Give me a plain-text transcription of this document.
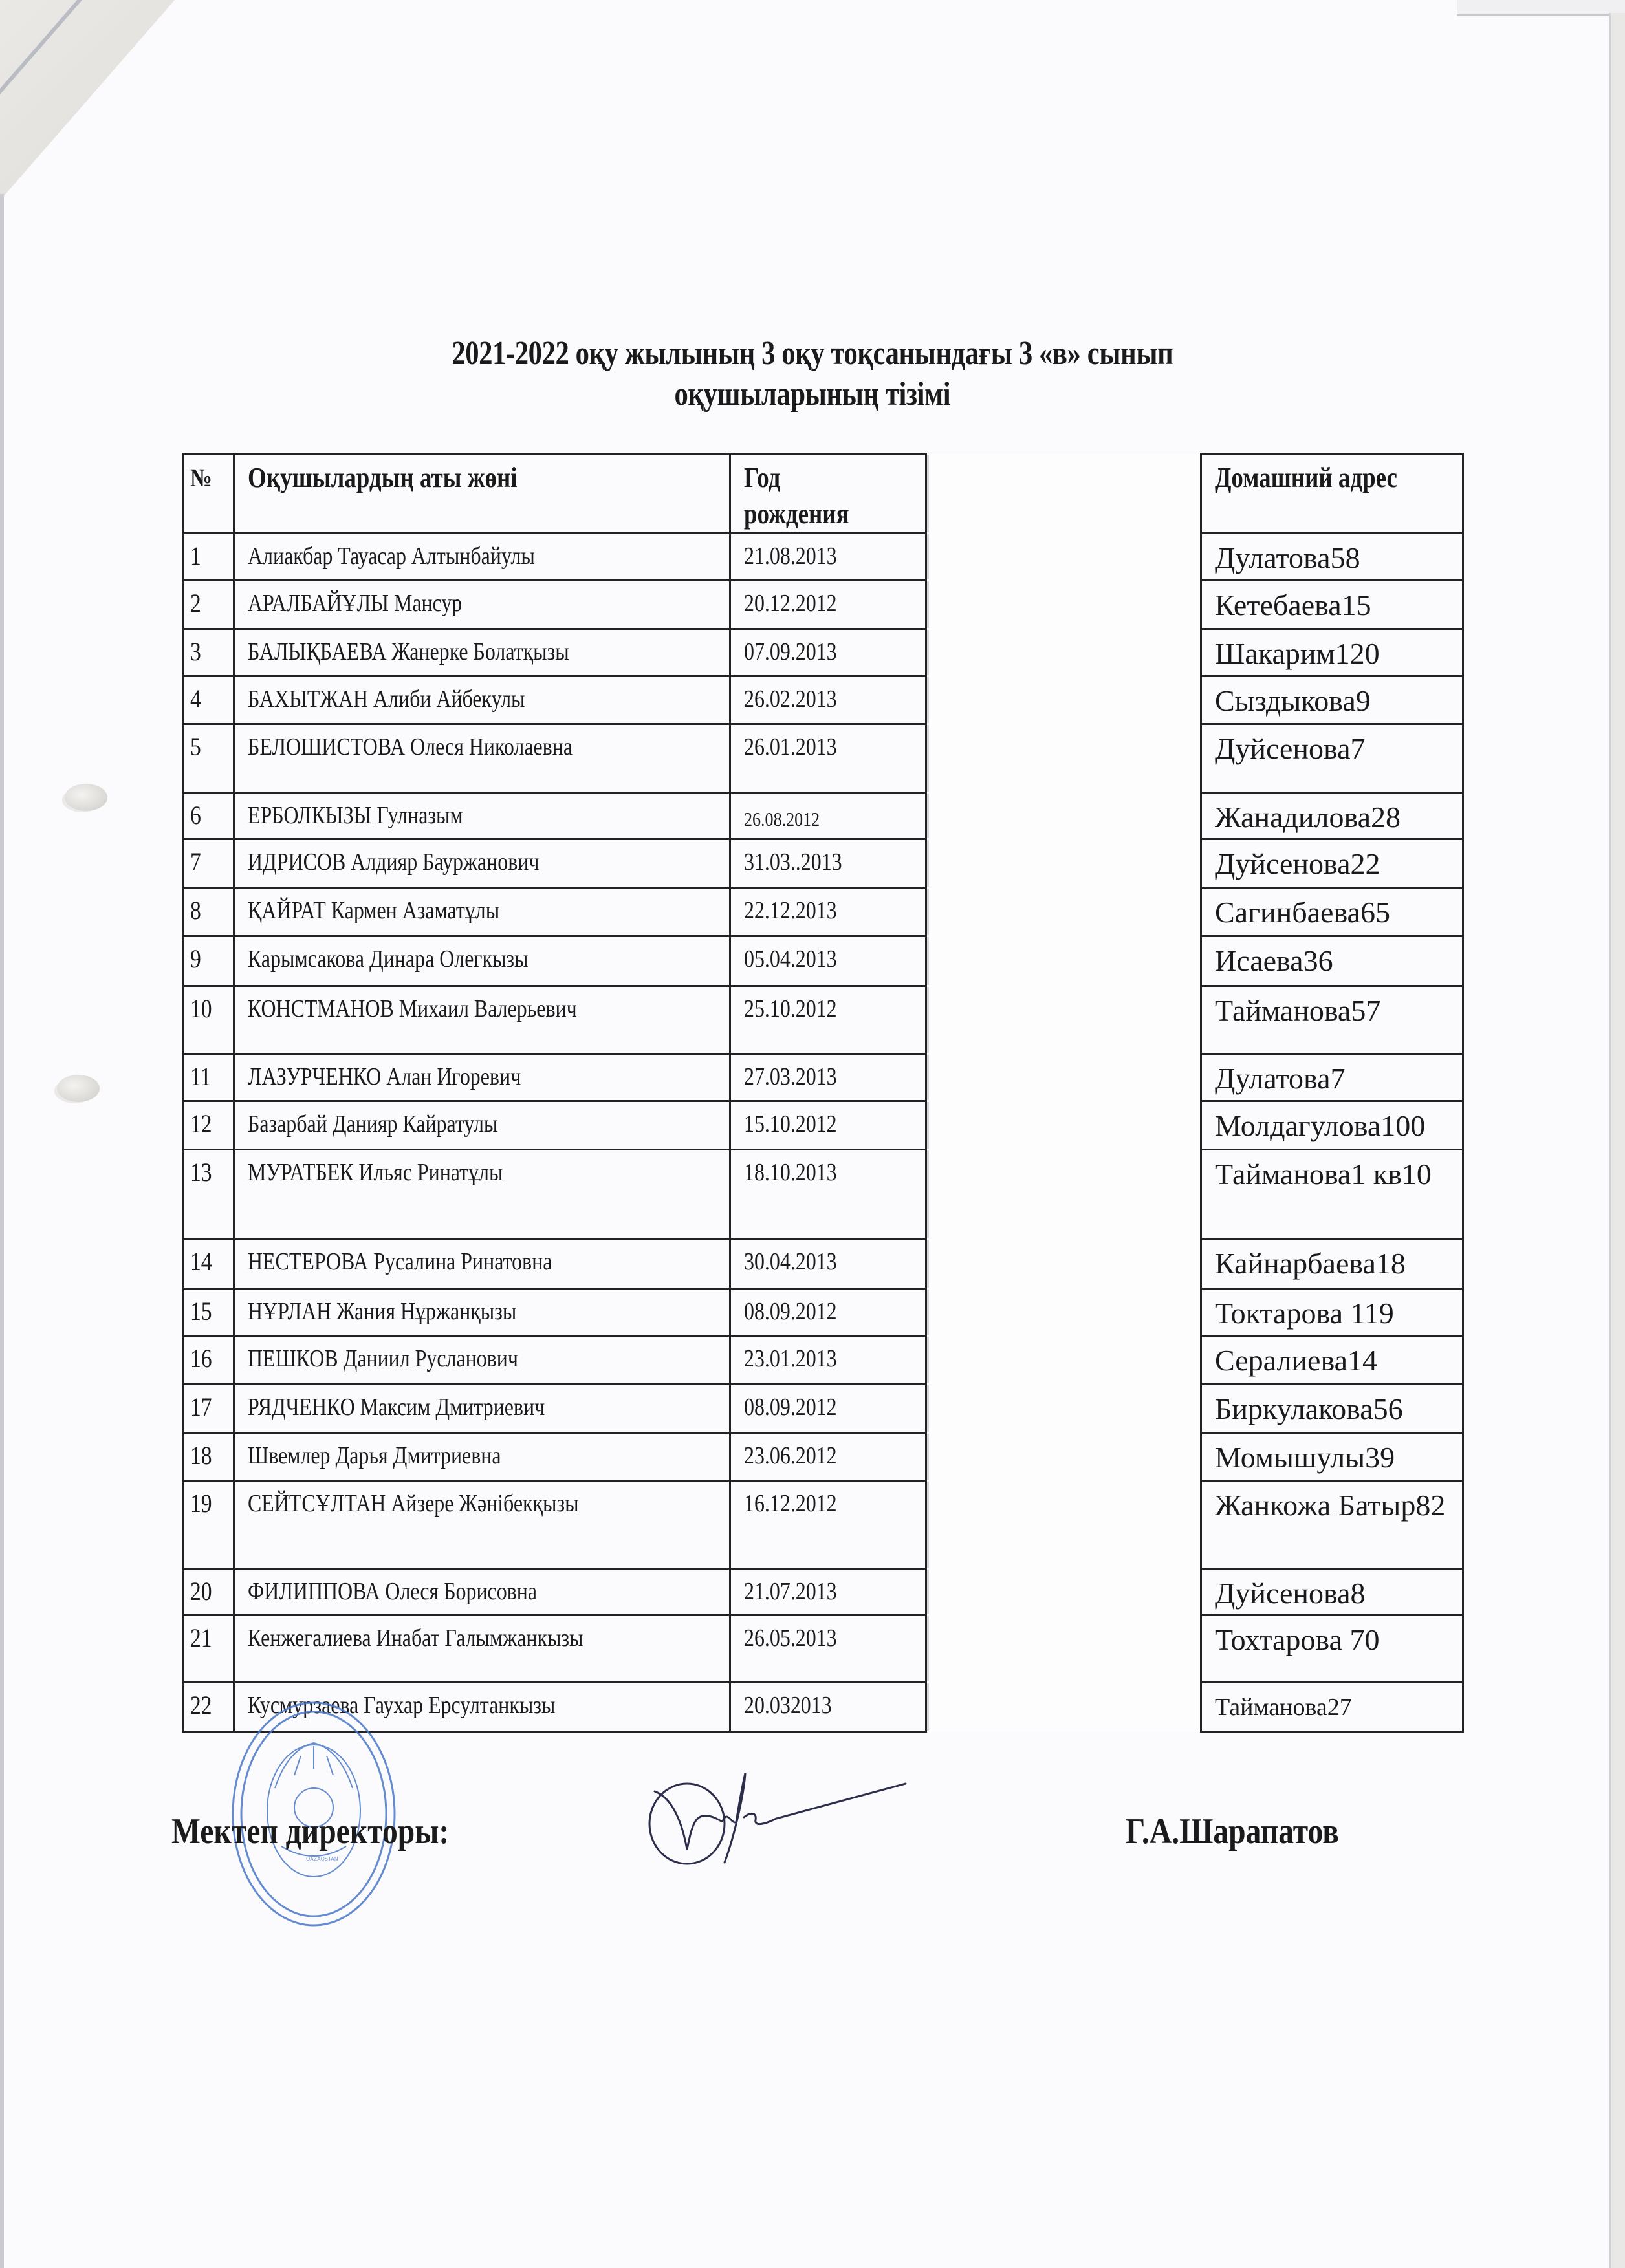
2021-2022 оқу жылының 3 оқу тоқсанындағы 3 «в» сынып
оқушыларының тізімі
№	Оқушылардың аты жөні	Год рождения		Домашний адрес
1	Алиакбар Тауасар Алтынбайулы	21.08.2013		Дулатова58
2	АРАЛБАЙҰЛЫ Мансур	20.12.2012		Кетебаева15
3	БАЛЫҚБАЕВА Жанерке Болатқызы	07.09.2013		Шакарим120
4	БАХЫТЖАН Алиби Айбекулы	26.02.2013		Сыздыкова9
5	БЕЛОШИСТОВА Олеся Николаевна	26.01.2013		Дуйсенова7
6	ЕРБОЛКЫЗЫ Гулназым	26.08.2012		Жанадилова28
7	ИДРИСОВ Алдияр Бауржанович	31.03..2013		Дуйсенова22
8	ҚАЙРАТ Кармен Азаматұлы	22.12.2013		Сагинбаева65
9	Карымсакова Динара Олегкызы	05.04.2013		Исаева36
10	КОНСТМАНОВ Михаил Валерьевич	25.10.2012		Тайманова57
11	ЛАЗУРЧЕНКО Алан Игоревич	27.03.2013		Дулатова7
12	Базарбай Данияр Кайратулы	15.10.2012		Молдагулова100
13	МУРАТБЕК Ильяс Ринатұлы	18.10.2013		Тайманова1 кв10
14	НЕСТЕРОВА Русалина Ринатовна	30.04.2013		Кайнарбаева18
15	НҰРЛАН Жания Нұржанқызы	08.09.2012		Токтарова 119
16	ПЕШКОВ Даниил Русланович	23.01.2013		Сералиева14
17	РЯДЧЕНКО Максим Дмитриевич	08.09.2012		Биркулакова56
18	Швемлер Дарья Дмитриевна	23.06.2012		Момышулы39
19	СЕЙТСҰЛТАН Айзере Жәнібекқызы	16.12.2012		Жанкожа Батыр82
20	ФИЛИППОВА Олеся Борисовна	21.07.2013		Дуйсенова8
21	Кенжегалиева Инабат Галымжанкызы	26.05.2013		Тохтарова 70
22	Кусмурзаева Гаухар Ерсултанкызы	20.032013		Тайманова27
QAZAQSTAN
Мектеп директоры:	Г.А.Шарапатов
